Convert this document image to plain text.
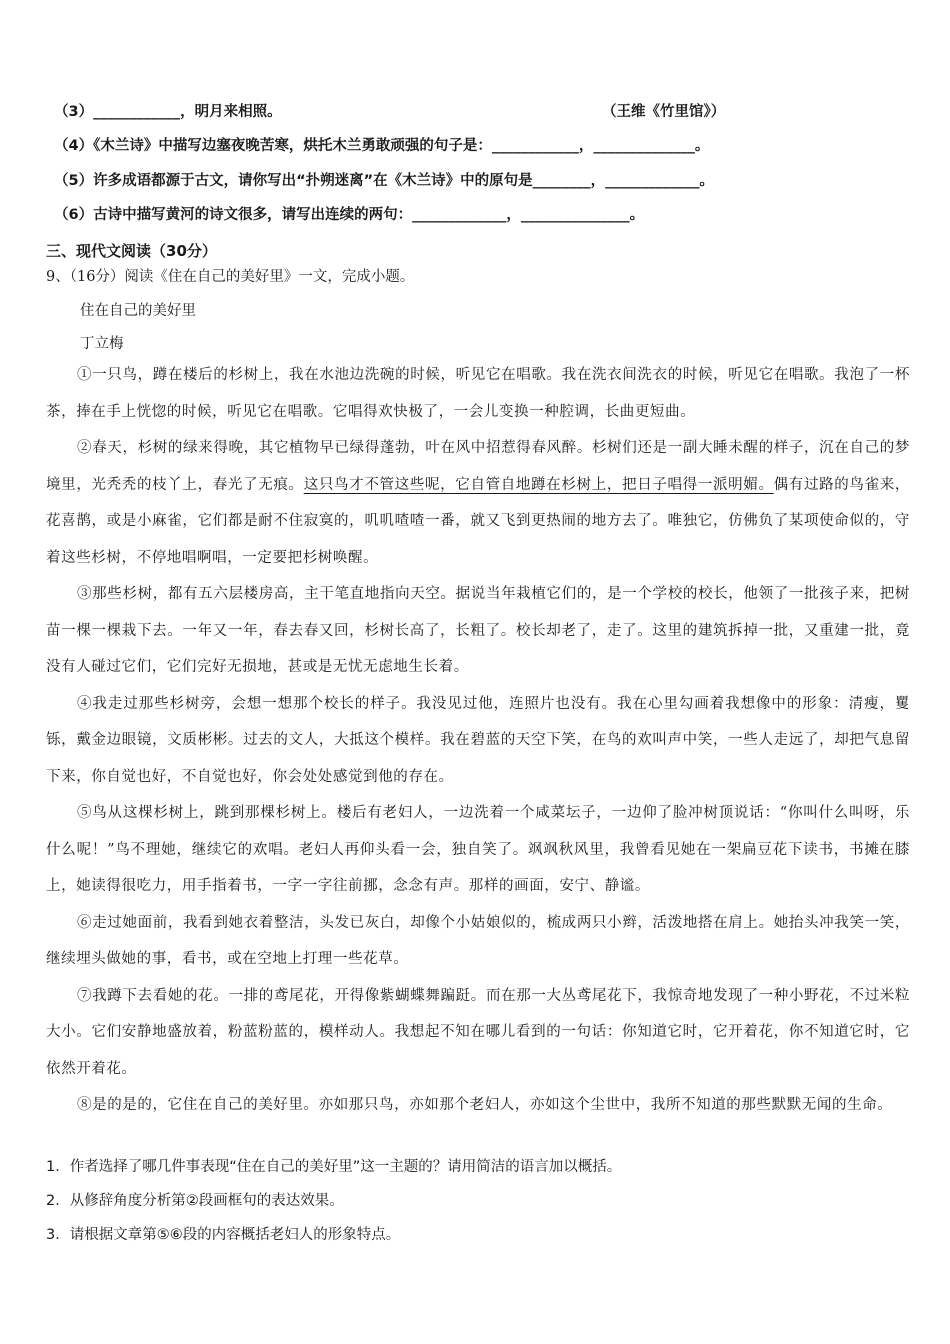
（3）____________，明月来相照。	（王维《竹里馆》）
（4）《木兰诗》中描写边塞夜晚苦寒，烘托木兰勇敢顽强的句子是：____________，______________。
（5）许多成语都源于古文，请你写出“扑朔迷离”在《木兰诗》中的原句是________，_____________。
（6）古诗中描写黄河的诗文很多，请写出连续的两句：_____________，_______________。
三、现代文阅读（30分）
9、（16分）阅读《住在自己的美好里》一文，完成小题。
住在自己的美好里
丁立梅

①一只鸟，蹲在楼后的杉树上，我在水池边洗碗的时候，听见它在唱歌。我在洗衣间洗衣的时候，听见它在唱歌。我泡了一杯茶，捧在手上恍惚的时候，听见它在唱歌。它唱得欢快极了，一会儿变换一种腔调，长曲更短曲。

②春天，杉树的绿来得晚，其它植物早已绿得蓬勃，叶在风中招惹得春风醉。杉树们还是一副大睡未醒的样子，沉在自己的梦境里，光秃秃的枝丫上，春光了无痕。这只鸟才不管这些呢，它自管自地蹲在杉树上，把日子唱得一派明媚。偶有过路的鸟雀来，花喜鹊，或是小麻雀，它们都是耐不住寂寞的，叽叽喳喳一番，就又飞到更热闹的地方去了。唯独它，仿佛负了某项使命似的，守着这些杉树，不停地唱啊唱，一定要把杉树唤醒。

③那些杉树，都有五六层楼房高，主干笔直地指向天空。据说当年栽植它们的，是一个学校的校长，他领了一批孩子来，把树苗一棵一棵栽下去。一年又一年，春去春又回，杉树长高了，长粗了。校长却老了，走了。这里的建筑拆掉一批，又重建一批，竟没有人碰过它们，它们完好无损地，甚或是无忧无虑地生长着。

④我走过那些杉树旁，会想一想那个校长的样子。我没见过他，连照片也没有。我在心里勾画着我想像中的形象：清瘦，矍铄，戴金边眼镜，文质彬彬。过去的文人，大抵这个模样。我在碧蓝的天空下笑，在鸟的欢叫声中笑，一些人走远了，却把气息留下来，你自觉也好，不自觉也好，你会处处感觉到他的存在。

⑤鸟从这棵杉树上，跳到那棵杉树上。楼后有老妇人，一边洗着一个咸菜坛子，一边仰了脸冲树顶说话：“你叫什么叫呀，乐什么呢！”鸟不理她，继续它的欢唱。老妇人再仰头看一会，独自笑了。飒飒秋风里，我曾看见她在一架扁豆花下读书，书摊在膝上，她读得很吃力，用手指着书，一字一字往前挪，念念有声。那样的画面，安宁、静谧。

⑥走过她面前，我看到她衣着整洁，头发已灰白，却像个小姑娘似的，梳成两只小辫，活泼地搭在肩上。她抬头冲我笑一笑，继续埋头做她的事，看书，或在空地上打理一些花草。

⑦我蹲下去看她的花。一排的鸢尾花，开得像紫蝴蝶舞蹁跹。而在那一大丛鸢尾花下，我惊奇地发现了一种小野花，不过米粒大小。它们安静地盛放着，粉蓝粉蓝的，模样动人。我想起不知在哪儿看到的一句话：你知道它时，它开着花，你不知道它时，它依然开着花。

⑧是的是的，它住在自己的美好里。亦如那只鸟，亦如那个老妇人，亦如这个尘世中，我所不知道的那些默默无闻的生命。

1．作者选择了哪几件事表现“住在自己的美好里”这一主题的？请用简洁的语言加以概括。
2．从修辞角度分析第②段画框句的表达效果。
3．请根据文章第⑤⑥段的内容概括老妇人的形象特点。
